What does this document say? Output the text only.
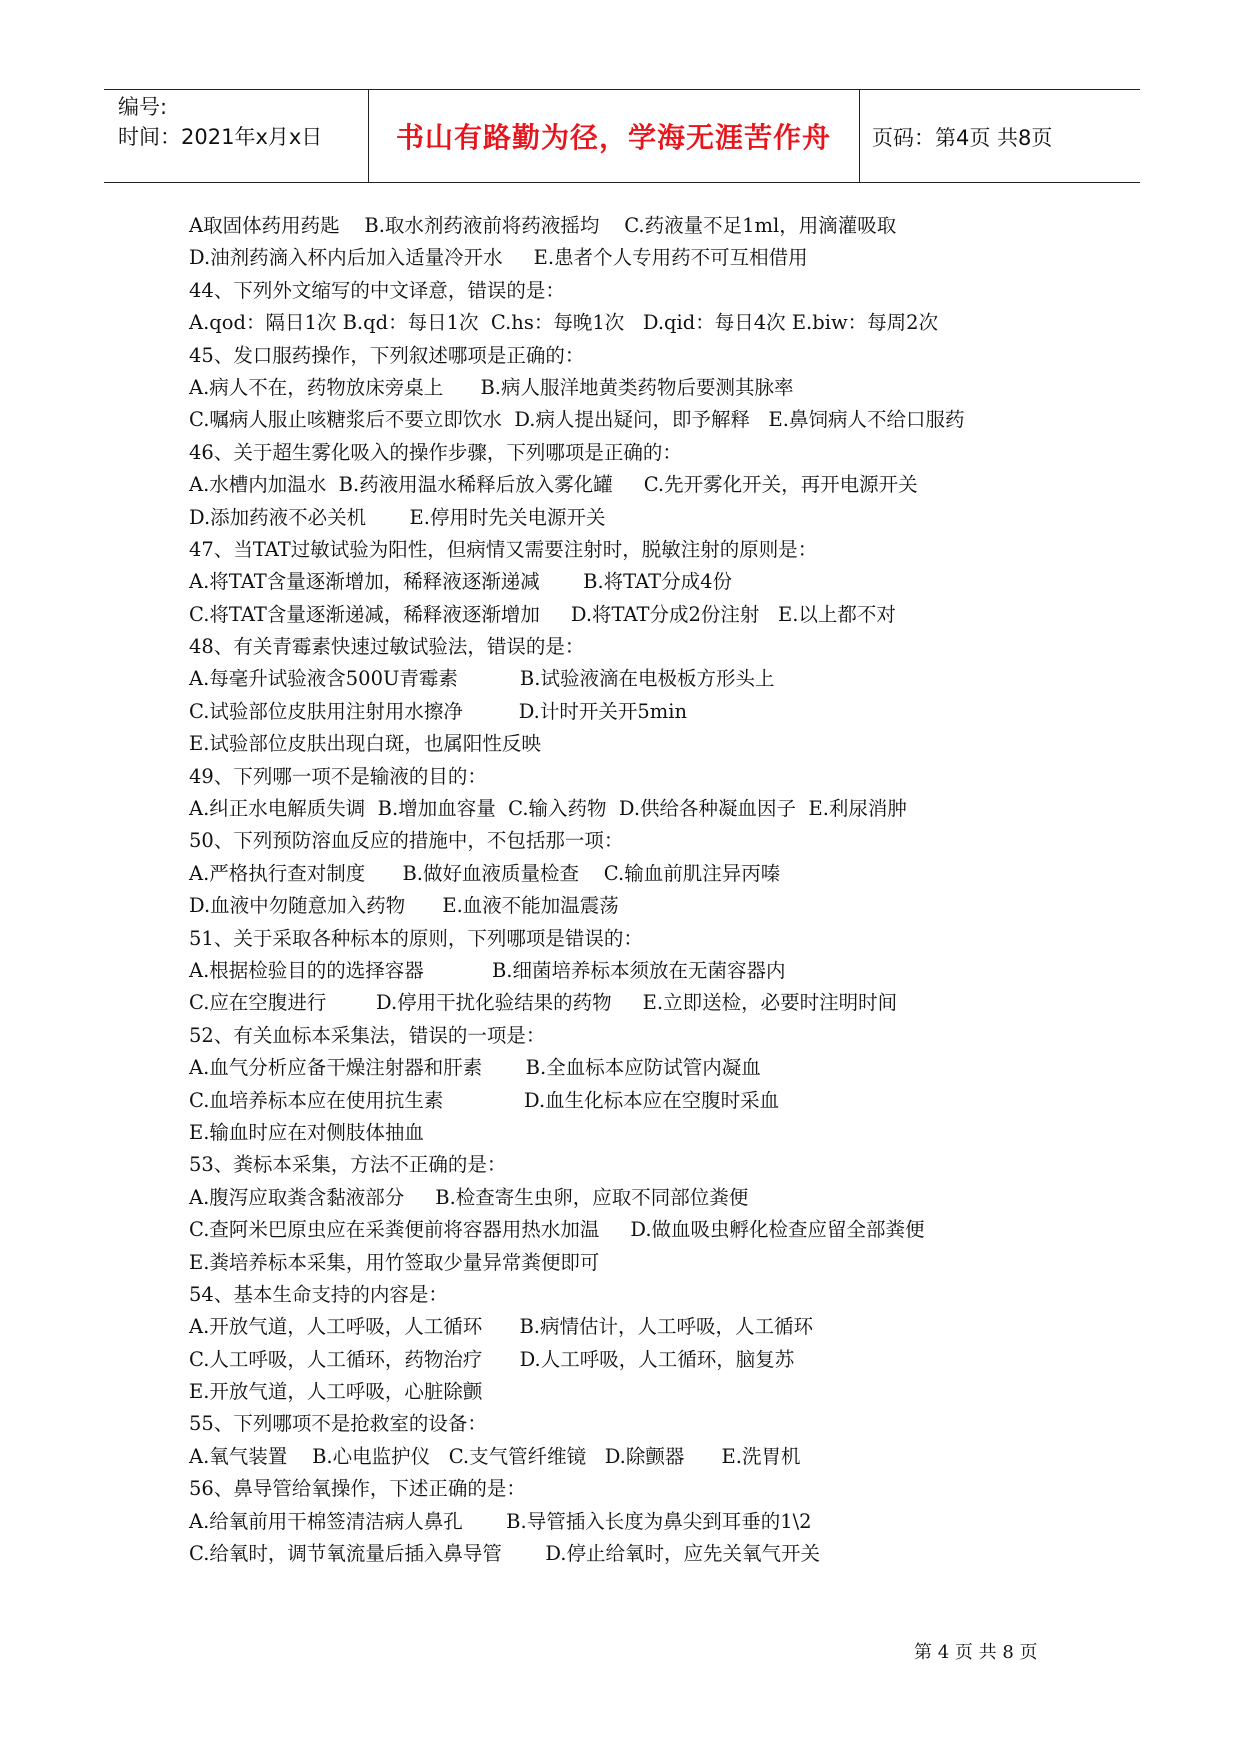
编号:
时间：2021年x月x日	书山有路勤为径，学海无涯苦作舟	页码：第4页 共8页
A取固体药用药匙    B.取水剂药液前将药液摇均    C.药液量不足1ml，用滴灌吸取
D.油剂药滴入杯内后加入适量冷开水     E.患者个人专用药不可互相借用
44、下列外文缩写的中文译意，错误的是：
A.qod：隔日1次 B.qd：每日1次  C.hs：每晚1次   D.qid：每日4次 E.biw：每周2次
45、发口服药操作，下列叙述哪项是正确的：
A.病人不在，药物放床旁桌上      B.病人服洋地黄类药物后要测其脉率
C.嘱病人服止咳糖浆后不要立即饮水  D.病人提出疑问，即予解释   E.鼻饲病人不给口服药
46、关于超生雾化吸入的操作步骤，下列哪项是正确的：
A.水槽内加温水  B.药液用温水稀释后放入雾化罐     C.先开雾化开关，再开电源开关
D.添加药液不必关机       E.停用时先关电源开关
47、当TAT过敏试验为阳性，但病情又需要注射时，脱敏注射的原则是：
A.将TAT含量逐渐增加，稀释液逐渐递减       B.将TAT分成4份
C.将TAT含量逐渐递减，稀释液逐渐增加     D.将TAT分成2份注射   E.以上都不对
48、有关青霉素快速过敏试验法，错误的是：
A.每毫升试验液含500U青霉素          B.试验液滴在电极板方形头上
C.试验部位皮肤用注射用水擦净         D.计时开关开5min
E.试验部位皮肤出现白斑，也属阳性反映
49、下列哪一项不是输液的目的：
A.纠正水电解质失调  B.增加血容量  C.输入药物  D.供给各种凝血因子  E.利尿消肿
50、下列预防溶血反应的措施中，不包括那一项：
A.严格执行查对制度      B.做好血液质量检查    C.输血前肌注异丙嗪
D.血液中勿随意加入药物      E.血液不能加温震荡
51、关于采取各种标本的原则，下列哪项是错误的：
A.根据检验目的的选择容器           B.细菌培养标本须放在无菌容器内
C.应在空腹进行        D.停用干扰化验结果的药物     E.立即送检，必要时注明时间
52、有关血标本采集法，错误的一项是：
A.血气分析应备干燥注射器和肝素       B.全血标本应防试管内凝血
C.血培养标本应在使用抗生素             D.血生化标本应在空腹时采血
E.输血时应在对侧肢体抽血
53、粪标本采集，方法不正确的是：
A.腹泻应取粪含黏液部分     B.检查寄生虫卵，应取不同部位粪便
C.查阿米巴原虫应在采粪便前将容器用热水加温     D.做血吸虫孵化检查应留全部粪便
E.粪培养标本采集，用竹签取少量异常粪便即可
54、基本生命支持的内容是：
A.开放气道，人工呼吸，人工循环      B.病情估计，人工呼吸，人工循环
C.人工呼吸，人工循环，药物治疗      D.人工呼吸，人工循环，脑复苏
E.开放气道，人工呼吸，心脏除颤
55、下列哪项不是抢救室的设备：
A.氧气装置    B.心电监护仪   C.支气管纤维镜   D.除颤器      E.洗胃机
56、鼻导管给氧操作，下述正确的是：
A.给氧前用干棉签清洁病人鼻孔       B.导管插入长度为鼻尖到耳垂的1\2
C.给氧时，调节氧流量后插入鼻导管       D.停止给氧时，应先关氧气开关
第 4 页 共 8 页
